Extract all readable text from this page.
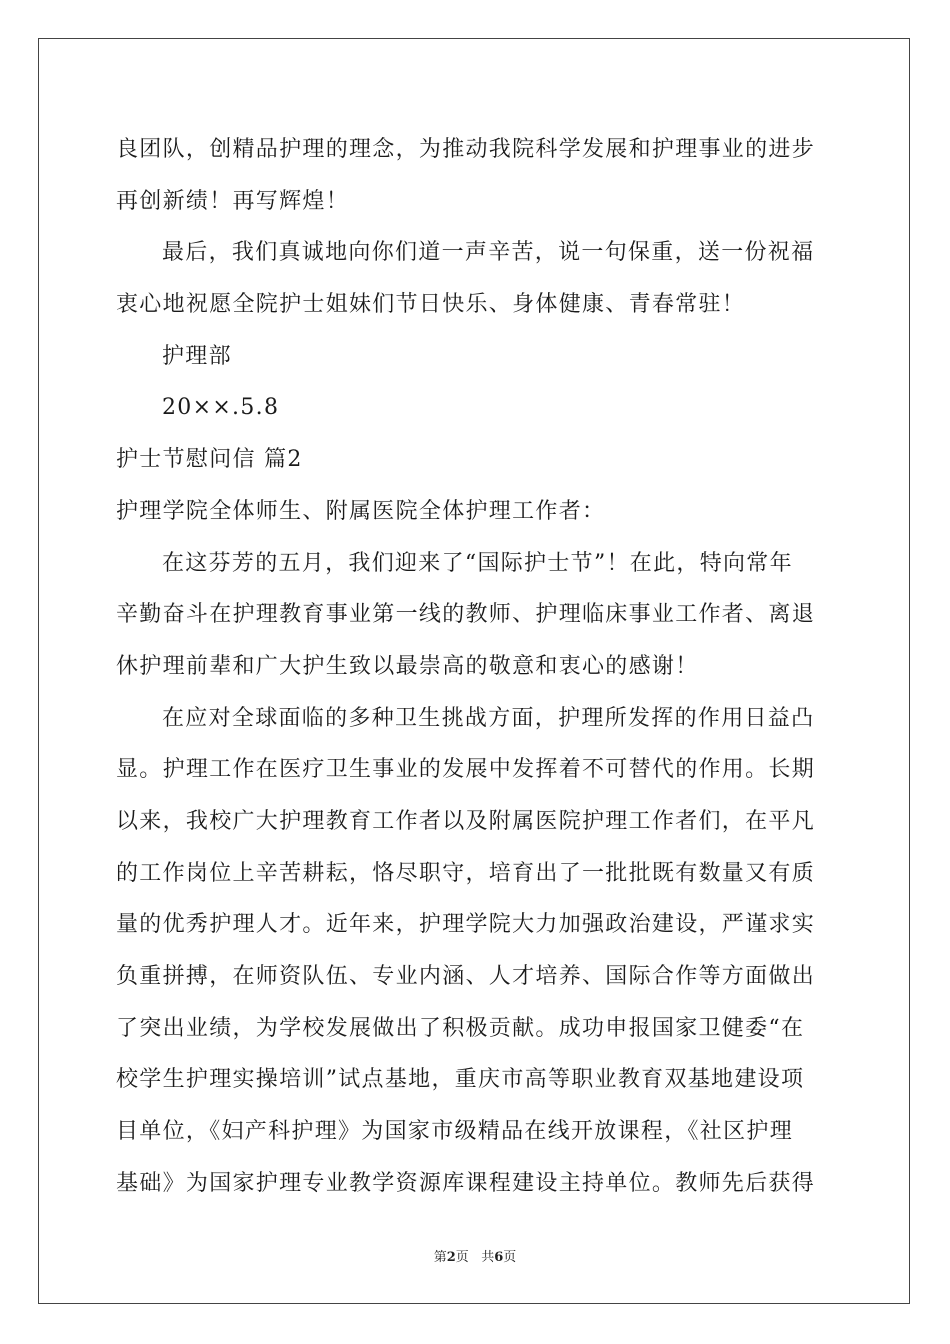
良团队，创精品护理的理念，为推动我院科学发展和护理事业的进步
再创新绩！再写辉煌！
最后，我们真诚地向你们道一声辛苦，说一句保重，送一份祝福
衷心地祝愿全院护士姐妹们节日快乐、身体健康、青春常驻！
护理部
20××.5.8
护士节慰问信 篇2
护理学院全体师生、附属医院全体护理工作者：
在这芬芳的五月，我们迎来了“国际护士节”！在此，特向常年
辛勤奋斗在护理教育事业第一线的教师、护理临床事业工作者、离退
休护理前辈和广大护生致以最崇高的敬意和衷心的感谢！
在应对全球面临的多种卫生挑战方面，护理所发挥的作用日益凸
显。护理工作在医疗卫生事业的发展中发挥着不可替代的作用。长期
以来，我校广大护理教育工作者以及附属医院护理工作者们，在平凡
的工作岗位上辛苦耕耘，恪尽职守，培育出了一批批既有数量又有质
量的优秀护理人才。近年来，护理学院大力加强政治建设，严谨求实
负重拼搏，在师资队伍、专业内涵、人才培养、国际合作等方面做出
了突出业绩，为学校发展做出了积极贡献。成功申报国家卫健委“在
校学生护理实操培训”试点基地，重庆市高等职业教育双基地建设项
目单位，《妇产科护理》为国家市级精品在线开放课程，《社区护理
基础》为国家护理专业教学资源库课程建设主持单位。教师先后获得
第2页 共6页
